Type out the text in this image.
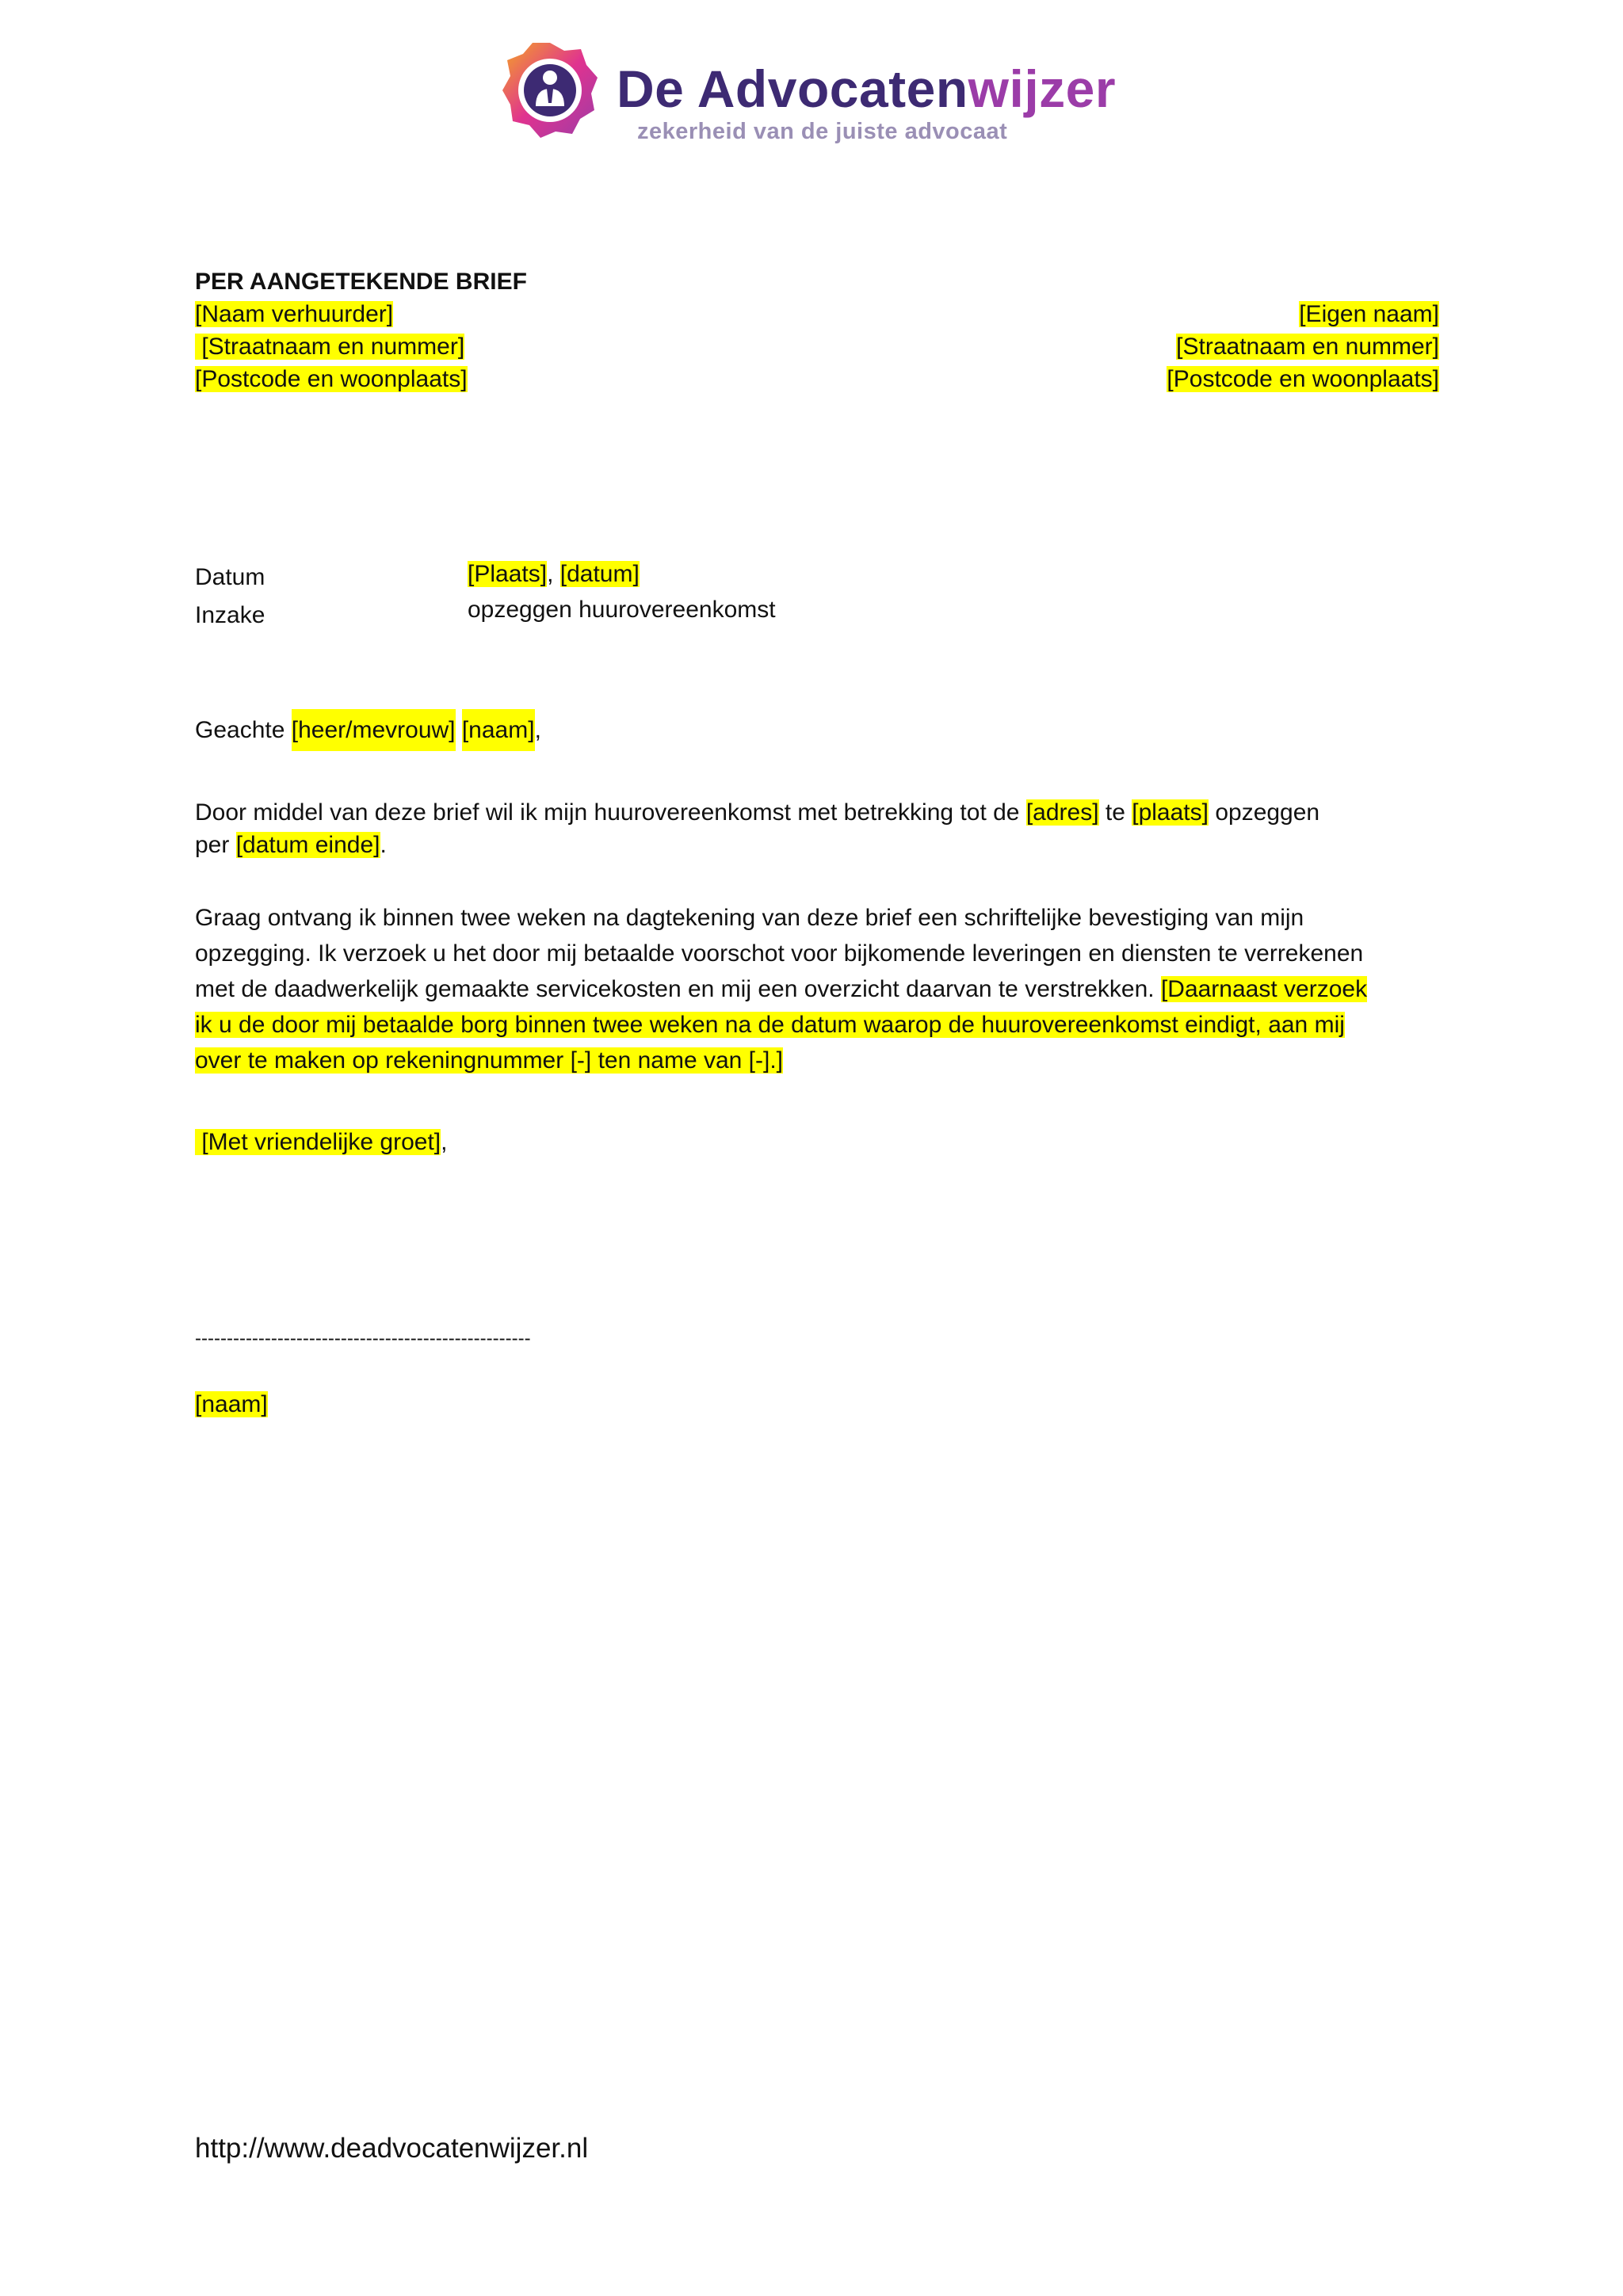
De Advocatenwijzer
zekerheid van de juiste advocaat
PER AANGETEKENDE BRIEF
[Naam verhuurder]
[Straatnaam en nummer]
[Postcode en woonplaats]
[Eigen naam]
[Straatnaam en nummer]
[Postcode en woonplaats]
Datum	[Plaats], [datum]
Inzake	opzeggen huurovereenkomst
Geachte [heer/mevrouw] [naam],
Door middel van deze brief wil ik mijn huurovereenkomst met betrekking tot de [adres] te [plaats] opzeggen
per [datum einde].
Graag ontvang ik binnen twee weken na dagtekening van deze brief een schriftelijke bevestiging van mijn
opzegging. Ik verzoek u het door mij betaalde voorschot voor bijkomende leveringen en diensten te verrekenen
met de daadwerkelijk gemaakte servicekosten en mij een overzicht daarvan te verstrekken. [Daarnaast verzoek
ik u de door mij betaalde borg binnen twee weken na de datum waarop de huurovereenkomst eindigt, aan mij
over te maken op rekeningnummer [-] ten name van [-].]
[Met vriendelijke groet],
-----------------------------------------------------
[naam]
http://www.deadvocatenwijzer.nl
